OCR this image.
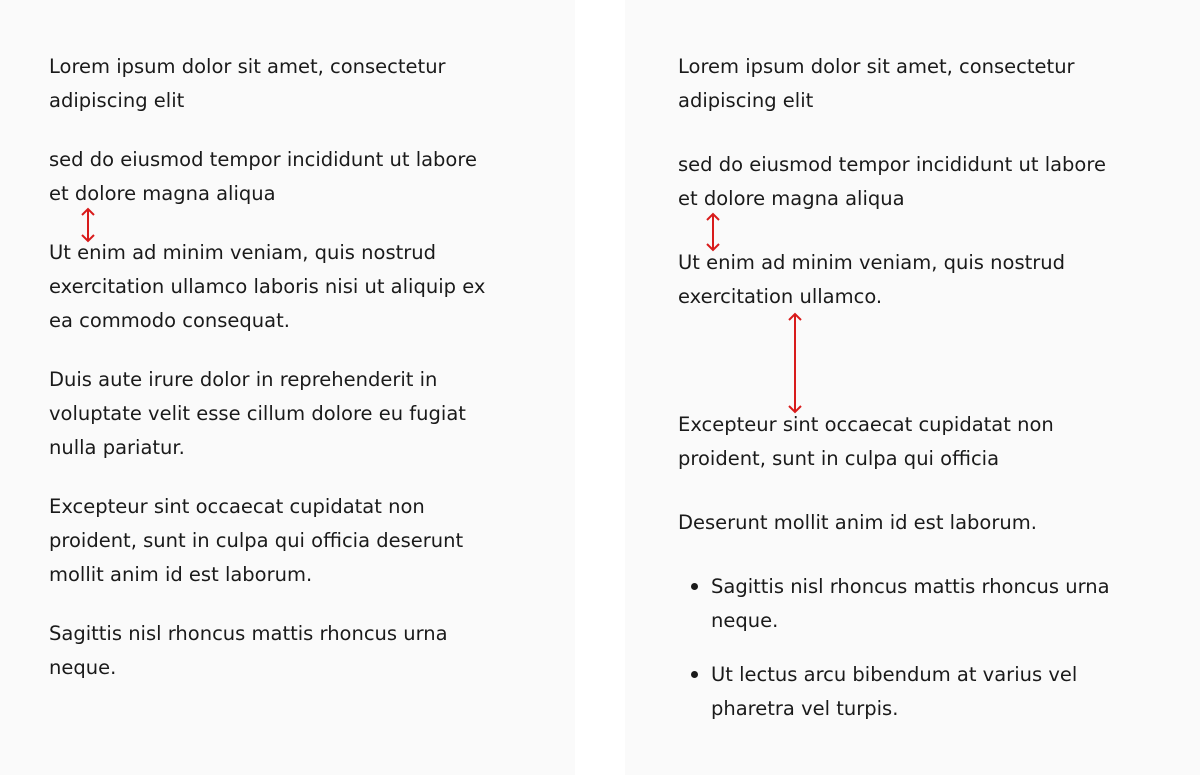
Lorem ipsum dolor sit amet, consectetur
adipiscing elit

sed do eiusmod tempor incididunt ut labore
et dolore magna aliqua

Ut enim ad minim veniam, quis nostrud
exercitation ullamco laboris nisi ut aliquip ex
ea commodo consequat.

Duis aute irure dolor in reprehenderit in
voluptate velit esse cillum dolore eu fugiat
nulla pariatur.

Excepteur sint occaecat cupidatat non
proident, sunt in culpa qui officia deserunt
mollit anim id est laborum.

Sagittis nisl rhoncus mattis rhoncus urna
neque.

Lorem ipsum dolor sit amet, consectetur
adipiscing elit

sed do eiusmod tempor incididunt ut labore
et dolore magna aliqua

Ut enim ad minim veniam, quis nostrud
exercitation ullamco.

Excepteur sint occaecat cupidatat non
proident, sunt in culpa qui officia

Deserunt mollit anim id est laborum.

Sagittis nisl rhoncus mattis rhoncus urna
neque.
Ut lectus arcu bibendum at varius vel
pharetra vel turpis.
